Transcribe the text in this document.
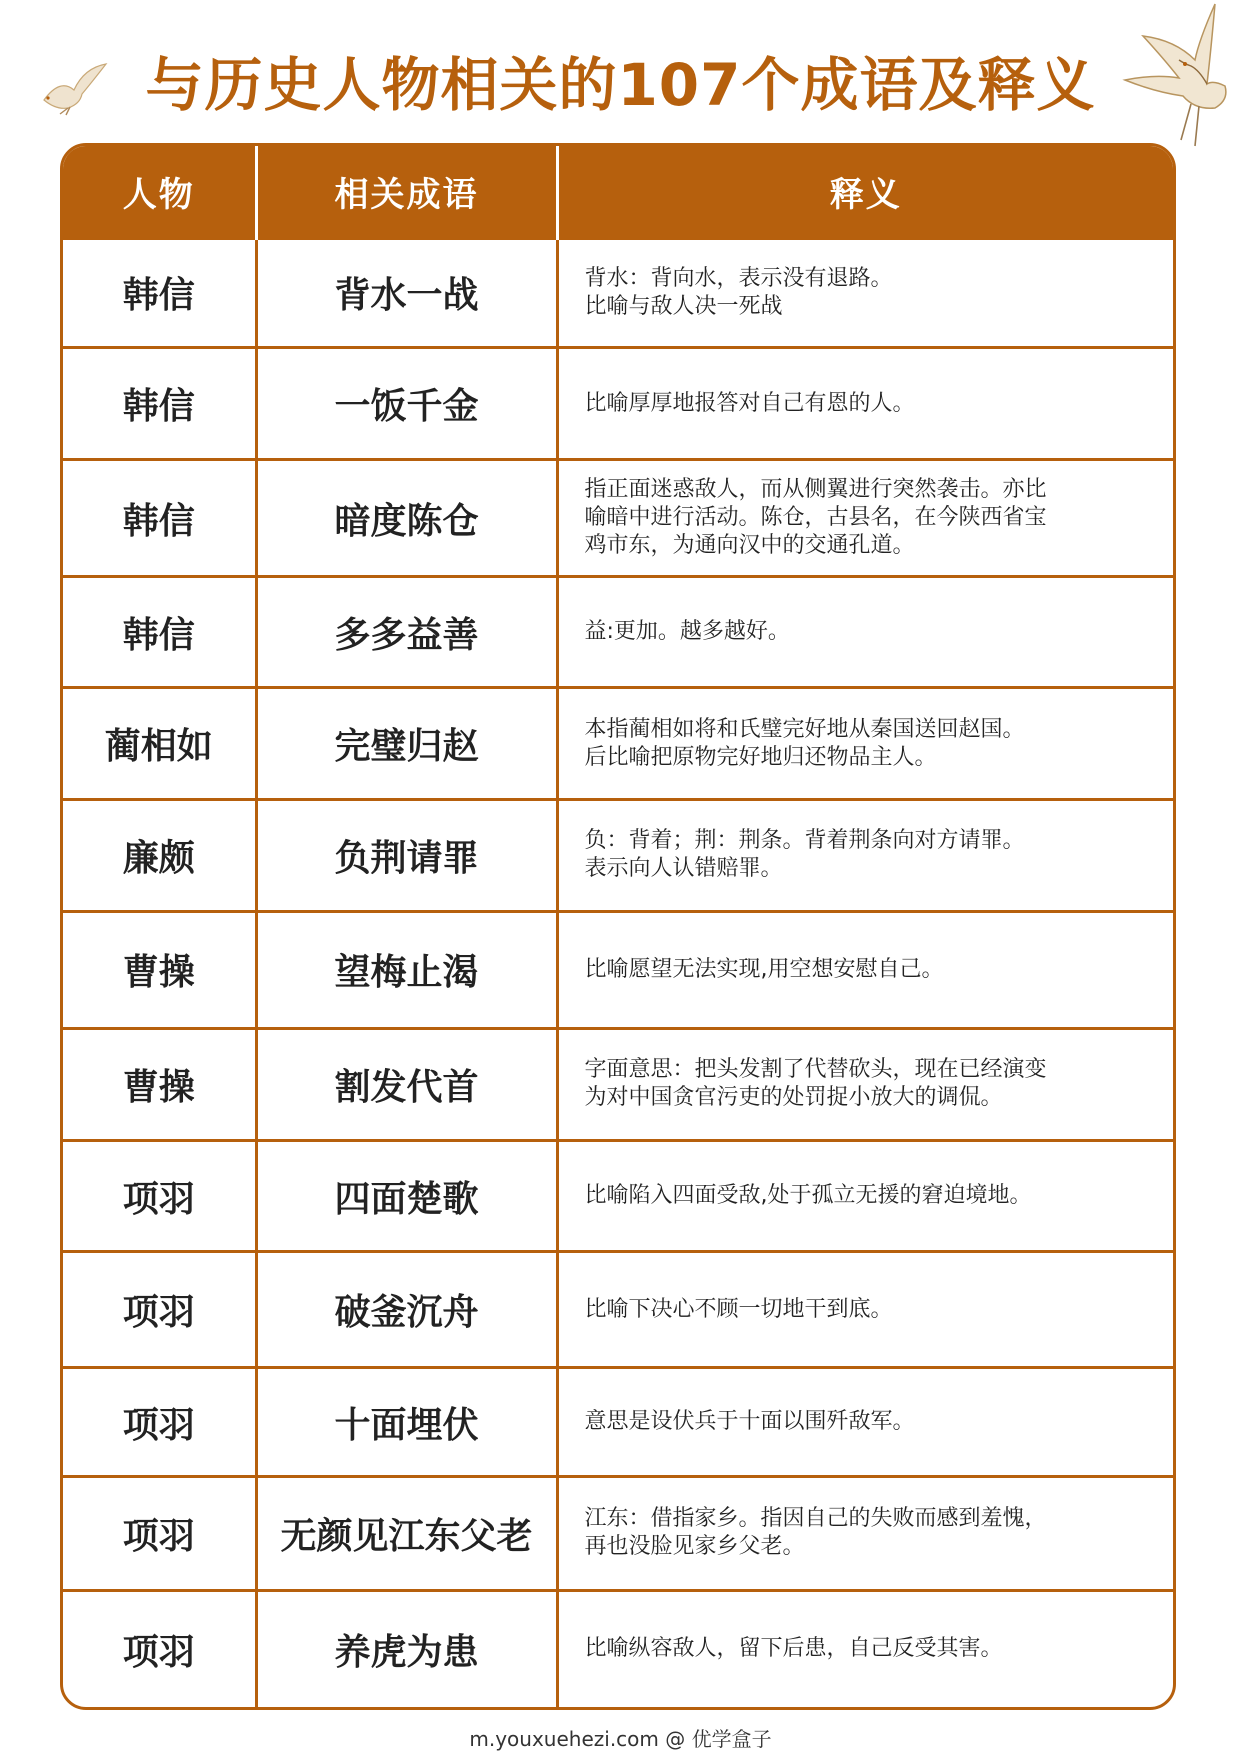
与历史人物相关的107个成语及释义
人物	相关成语	释义
韩信	背水一战	背水：背向水，表示没有退路。
比喻与敌人决一死战

韩信	一饭千金	比喻厚厚地报答对自己有恩的人。

韩信	暗度陈仓	指正面迷惑敌人，而从侧翼进行突然袭击。亦比
喻暗中进行活动。陈仓，古县名，在今陕西省宝
鸡市东，为通向汉中的交通孔道。

韩信	多多益善	益:更加。越多越好。

蔺相如	完璧归赵	本指蔺相如将和氏璧完好地从秦国送回赵国。
后比喻把原物完好地归还物品主人。

廉颇	负荆请罪	负：背着；荆：荆条。背着荆条向对方请罪。
表示向人认错赔罪。

曹操	望梅止渴	比喻愿望无法实现,用空想安慰自己。

曹操	割发代首	字面意思：把头发割了代替砍头，现在已经演变
为对中国贪官污吏的处罚捉小放大的调侃。

项羽	四面楚歌	比喻陷入四面受敌,处于孤立无援的窘迫境地。

项羽	破釜沉舟	比喻下决心不顾一切地干到底。

项羽	十面埋伏	意思是设伏兵于十面以围歼敌军。

项羽	无颜见江东父老	江东：借指家乡。指因自己的失败而感到羞愧，
再也没脸见家乡父老。

项羽	养虎为患	比喻纵容敌人，留下后患，自己反受其害。
m.youxuehezi.com @ 优学盒子
